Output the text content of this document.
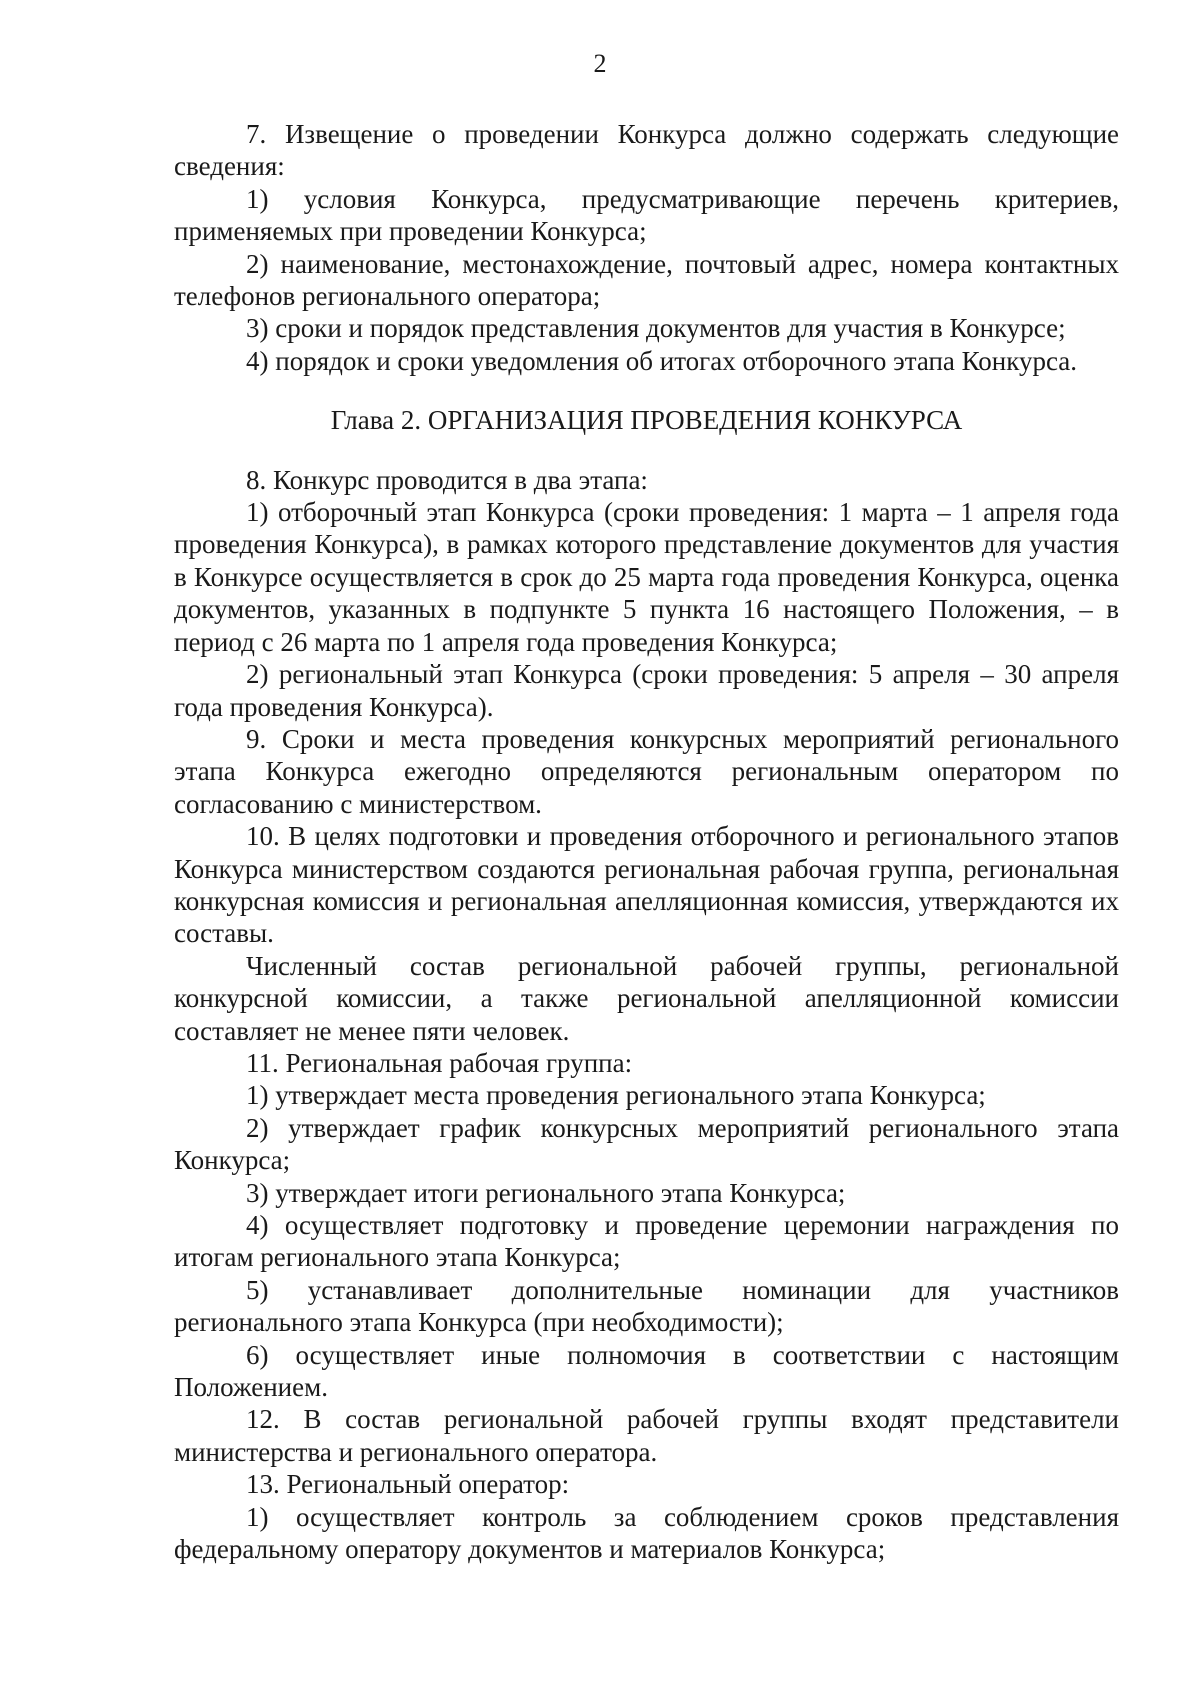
2

7. Извещение о проведении Конкурса должно содержать следующие сведения:

1) условия Конкурса, предусматривающие перечень критериев, применяемых при проведении Конкурса;

2) наименование, местонахождение, почтовый адрес, номера контактных телефонов регионального оператора;

3) сроки и порядок представления документов для участия в Конкурсе;

4) порядок и сроки уведомления об итогах отборочного этапа Конкурса.

Глава 2. ОРГАНИЗАЦИЯ ПРОВЕДЕНИЯ КОНКУРСА

8. Конкурс проводится в два этапа:

1) отборочный этап Конкурса (сроки проведения: 1 марта – 1 апреля года проведения Конкурса), в рамках которого представление документов для участия в Конкурсе осуществляется в срок до 25 марта года проведения Конкурса, оценка документов, указанных в подпункте 5 пункта 16 настоящего Положения, – в период с 26 марта по 1 апреля года проведения Конкурса;

2) региональный этап Конкурса (сроки проведения: 5 апреля – 30 апреля года проведения Конкурса).

9. Сроки и места проведения конкурсных мероприятий регионального этапа Конкурса ежегодно определяются региональным оператором по согласованию с министерством.

10. В целях подготовки и проведения отборочного и регионального этапов Конкурса министерством создаются региональная рабочая группа, региональная конкурсная комиссия и региональная апелляционная комиссия, утверждаются их составы.

Численный состав региональной рабочей группы, региональной конкурсной комиссии, а также региональной апелляционной комиссии составляет не менее пяти человек.

11. Региональная рабочая группа:

1) утверждает места проведения регионального этапа Конкурса;

2) утверждает график конкурсных мероприятий регионального этапа Конкурса;

3) утверждает итоги регионального этапа Конкурса;

4) осуществляет подготовку и проведение церемонии награждения по итогам регионального этапа Конкурса;

5) устанавливает дополнительные номинации для участников регионального этапа Конкурса (при необходимости);

6) осуществляет иные полномочия в соответствии с настоящим Положением.

12. В состав региональной рабочей группы входят представители министерства и регионального оператора.

13. Региональный оператор:

1) осуществляет контроль за соблюдением сроков представления федеральному оператору документов и материалов Конкурса;
